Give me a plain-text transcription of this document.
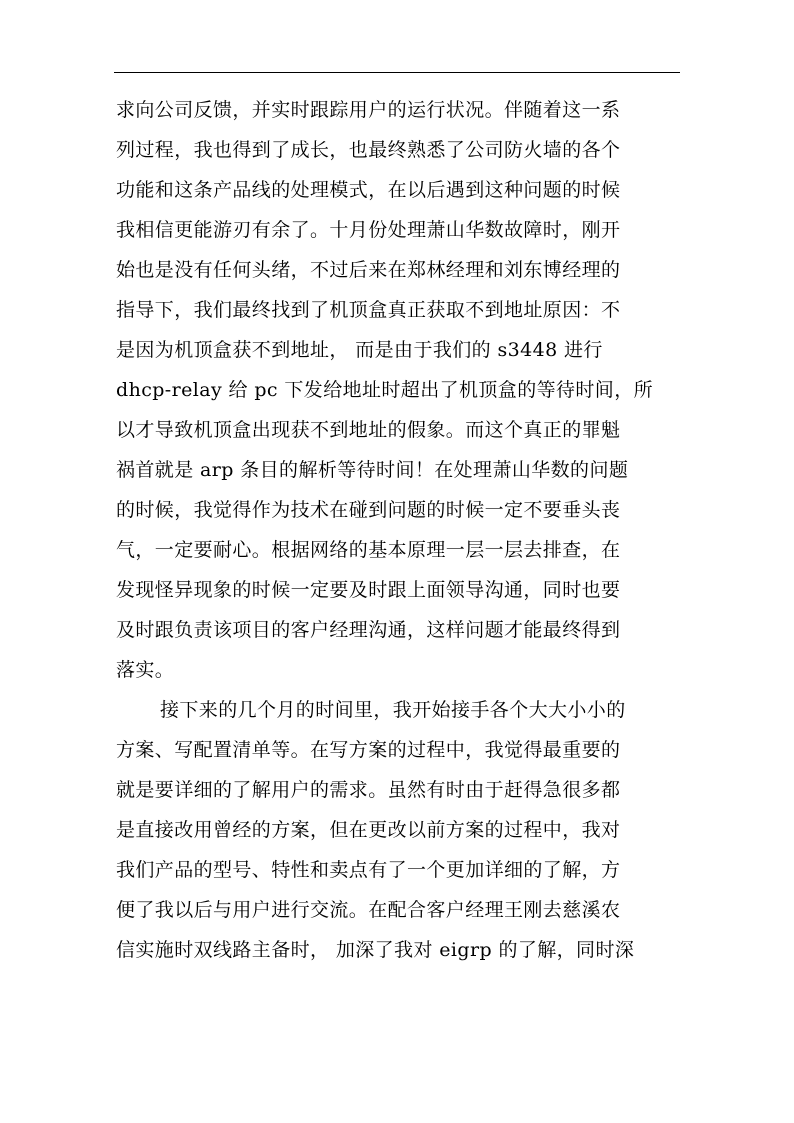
求向公司反馈，并实时跟踪用户的运行状况。伴随着这一系
列过程，我也得到了成长，也最终熟悉了公司防火墙的各个
功能和这条产品线的处理模式，在以后遇到这种问题的时候
我相信更能游刃有余了。十月份处理萧山华数故障时，刚开
始也是没有任何头绪，不过后来在郑林经理和刘东博经理的
指导下，我们最终找到了机顶盒真正获取不到地址原因：不
是因为机顶盒获不到地址， 而是由于我们的 s3448 进行
dhcp-relay 给 pc 下发给地址时超出了机顶盒的等待时间，所
以才导致机顶盒出现获不到地址的假象。而这个真正的罪魁
祸首就是 arp 条目的解析等待时间！在处理萧山华数的问题
的时候，我觉得作为技术在碰到问题的时候一定不要垂头丧
气，一定要耐心。根据网络的基本原理一层一层去排查，在
发现怪异现象的时候一定要及时跟上面领导沟通，同时也要
及时跟负责该项目的客户经理沟通，这样问题才能最终得到
落实。
接下来的几个月的时间里，我开始接手各个大大小小的
方案、写配置清单等。在写方案的过程中，我觉得最重要的
就是要详细的了解用户的需求。虽然有时由于赶得急很多都
是直接改用曾经的方案，但在更改以前方案的过程中，我对
我们产品的型号、特性和卖点有了一个更加详细的了解，方
便了我以后与用户进行交流。在配合客户经理王刚去慈溪农
信实施时双线路主备时， 加深了我对 eigrp 的了解，同时深
